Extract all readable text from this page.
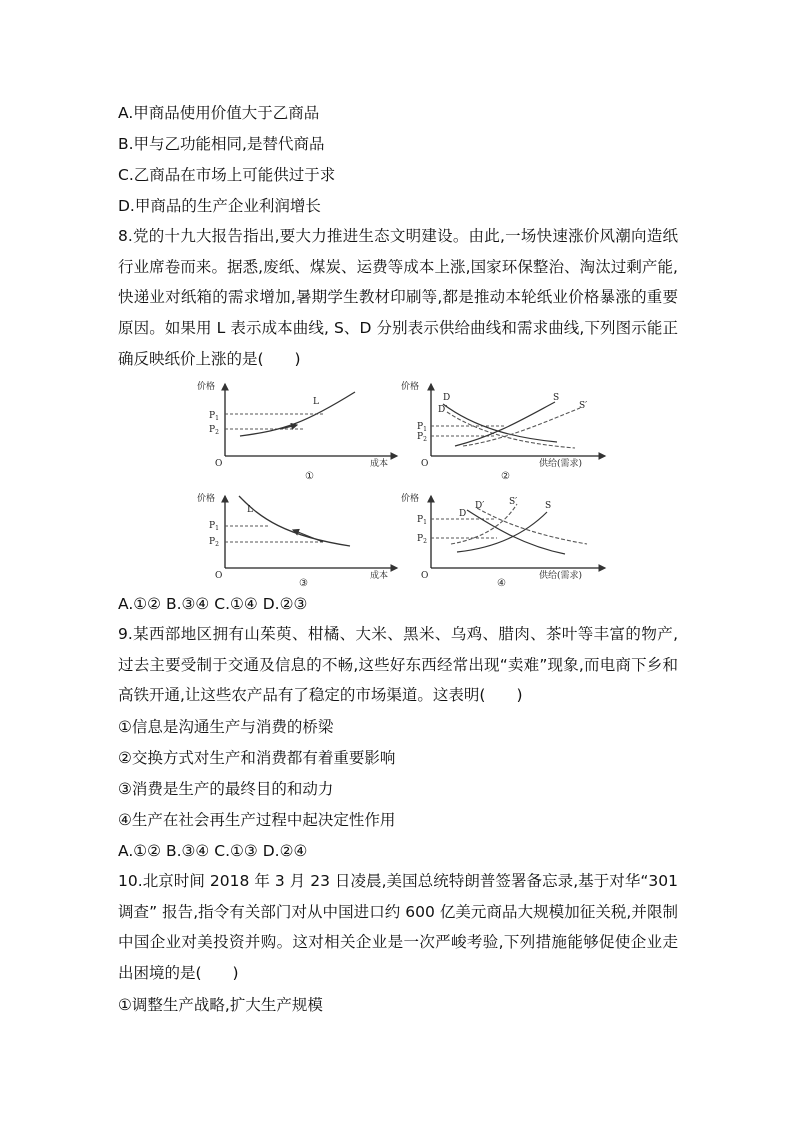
A.甲商品使用价值大于乙商品
B.甲与乙功能相同,是替代商品
C.乙商品在市场上可能供过于求
D.甲商品的生产企业利润增长
8.党的十九大报告指出,要大力推进生态文明建设。由此,一场快速涨价风潮向造纸行业席卷而来。据悉,废纸、煤炭、运费等成本上涨,国家环保整治、淘汰过剩产能,快递业对纸箱的需求增加,暑期学生教材印刷等,都是推动本轮纸业价格暴涨的重要原因。如果用 L 表示成本曲线, S、D 分别表示供给曲线和需求曲线,下列图示能正确反映纸价上涨的是(　　)
价格
成本
O
$P_1$
$P_2$
L
①
价格
供给(需求)
O
$P_1$
$P_2$
D
D′
S
S′
②
价格
成本
O
$P_1$
$P_2$
L
③
价格
供给(需求)
O
$P_1$
$P_2$
D
D′	S
S′
④
A.①② B.③④ C.①④ D.②③
9.某西部地区拥有山茱萸、柑橘、大米、黑米、乌鸡、腊肉、茶叶等丰富的物产,过去主要受制于交通及信息的不畅,这些好东西经常出现“卖难”现象,而电商下乡和高铁开通,让这些农产品有了稳定的市场渠道。这表明(　　)
①信息是沟通生产与消费的桥梁
②交换方式对生产和消费都有着重要影响
③消费是生产的最终目的和动力
④生产在社会再生产过程中起决定性作用
A.①② B.③④ C.①③ D.②④
10.北京时间 2018 年 3 月 23 日凌晨,美国总统特朗普签署备忘录,基于对华“301调查” 报告,指令有关部门对从中国进口约 600 亿美元商品大规模加征关税,并限制中国企业对美投资并购。这对相关企业是一次严峻考验,下列措施能够促使企业走出困境的是(　　)
①调整生产战略,扩大生产规模
